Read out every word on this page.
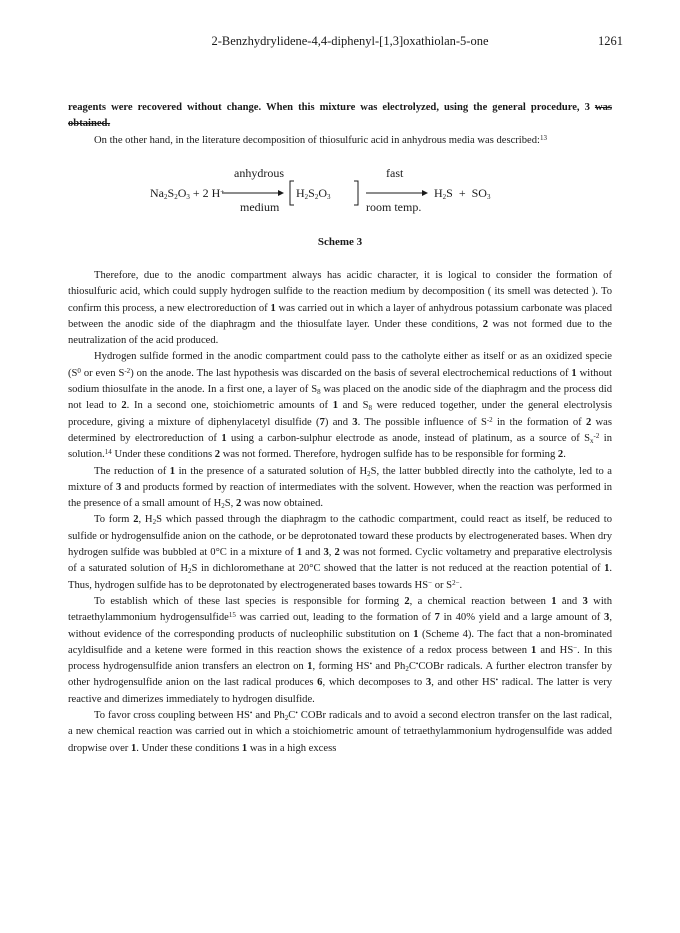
2-Benzhydrylidene-4,4-diphenyl-[1,3]oxathiolan-5-one	1261

reagents were recovered without change. When this mixture was electrolyzed, using the general procedure, 3 was obtained.

On the other hand, in the literature decomposition of thiosulfuric acid in anhydrous media was described:$^{13}$

anhydrous
medium
fast
room temp.
$Na_2S_2O_3 + 2$ H+	$H_2S_2O_3$	$H_2S + SO_3$
Scheme 3

Therefore, due to the anodic compartment always has acidic character, it is logical to consider the formation of thiosulfuric acid, which could supply hydrogen sulfide to the reaction medium by decomposition ( its smell was detected ). To confirm this process, a new electroreduction of 1 was carried out in which a layer of anhydrous potassium carbonate was placed between the anodic side of the diaphragm and the thiosulfate layer. Under these conditions, 2 was not formed due to the neutralization of the acid produced.

Hydrogen sulfide formed in the anodic compartment could pass to the catholyte either as itself or as an oxidized specie ($S^0$ or even $S^{-2}$) on the anode. The last hypothesis was discarded on the basis of several electrochemical reductions of 1 without sodium thiosulfate in the anode. In a first one, a layer of $S_8$ was placed on the anodic side of the diaphragm and the process did not lead to 2. In a second one, stoichiometric amounts of 1 and $S_8$ were reduced together, under the general electrolysis procedure, giving a mixture of diphenylacetyl disulfide (7) and 3. The possible influence of $S^{-2}$ in the formation of 2 was determined by electroreduction of 1 using a carbon-sulphur electrode as anode, instead of platinum, as a source of $S_x^{-2}$ in solution.$^{14}$ Under these conditions 2 was not formed. Therefore, hydrogen sulfide has to be responsible for forming 2.

The reduction of 1 in the presence of a saturated solution of $H_2S$, the latter bubbled directly into the catholyte, led to a mixture of 3 and products formed by reaction of intermediates with the solvent. However, when the reaction was performed in the presence of a small amount of $H_2S$, 2 was now obtained.

To form 2, $H_2S$ which passed through the diaphragm to the cathodic compartment, could react as itself, be reduced to sulfide or hydrogensulfide anion on the cathode, or be deprotonated toward these products by electrogenerated bases. When dry hydrogen sulfide was bubbled at 0°C in a mixture of 1 and 3, 2 was not formed. Cyclic voltametry and preparative electrolysis of a saturated solution of $H_2S$ in dichloromethane at 20°C showed that the latter is not reduced at the reaction potential of 1. Thus, hydrogen sulfide has to be deprotonated by electrogenerated bases towards HS− or $S^{2-}$.

To establish which of these last species is responsible for forming 2, a chemical reaction between 1 and 3 with tetraethylammonium hydrogensulfide$^{15}$ was carried out, leading to the formation of 7 in 40% yield and a large amount of 3, without evidence of the corresponding products of nucleophilic substitution on 1 (Scheme 4). The fact that a non-brominated acyldisulfide and a ketene were formed in this reaction shows the existence of a redox process between 1 and HS−. In this process hydrogensulfide anion transfers an electron on 1, forming HS• and $Ph_2C^•COBr$ radicals. A further electron transfer by other hydrogensulfide anion on the last radical produces 6, which decomposes to 3, and other HS• radical. The latter is very reactive and dimerizes immediately to hydrogen disulfide.

To favor cross coupling between HS• and $Ph_2C^•$ COBr radicals and to avoid a second electron transfer on the last radical, a new chemical reaction was carried out in which a stoichiometric amount of tetraethylammonium hydrogensulfide was added dropwise over 1. Under these conditions 1 was in a high excess
